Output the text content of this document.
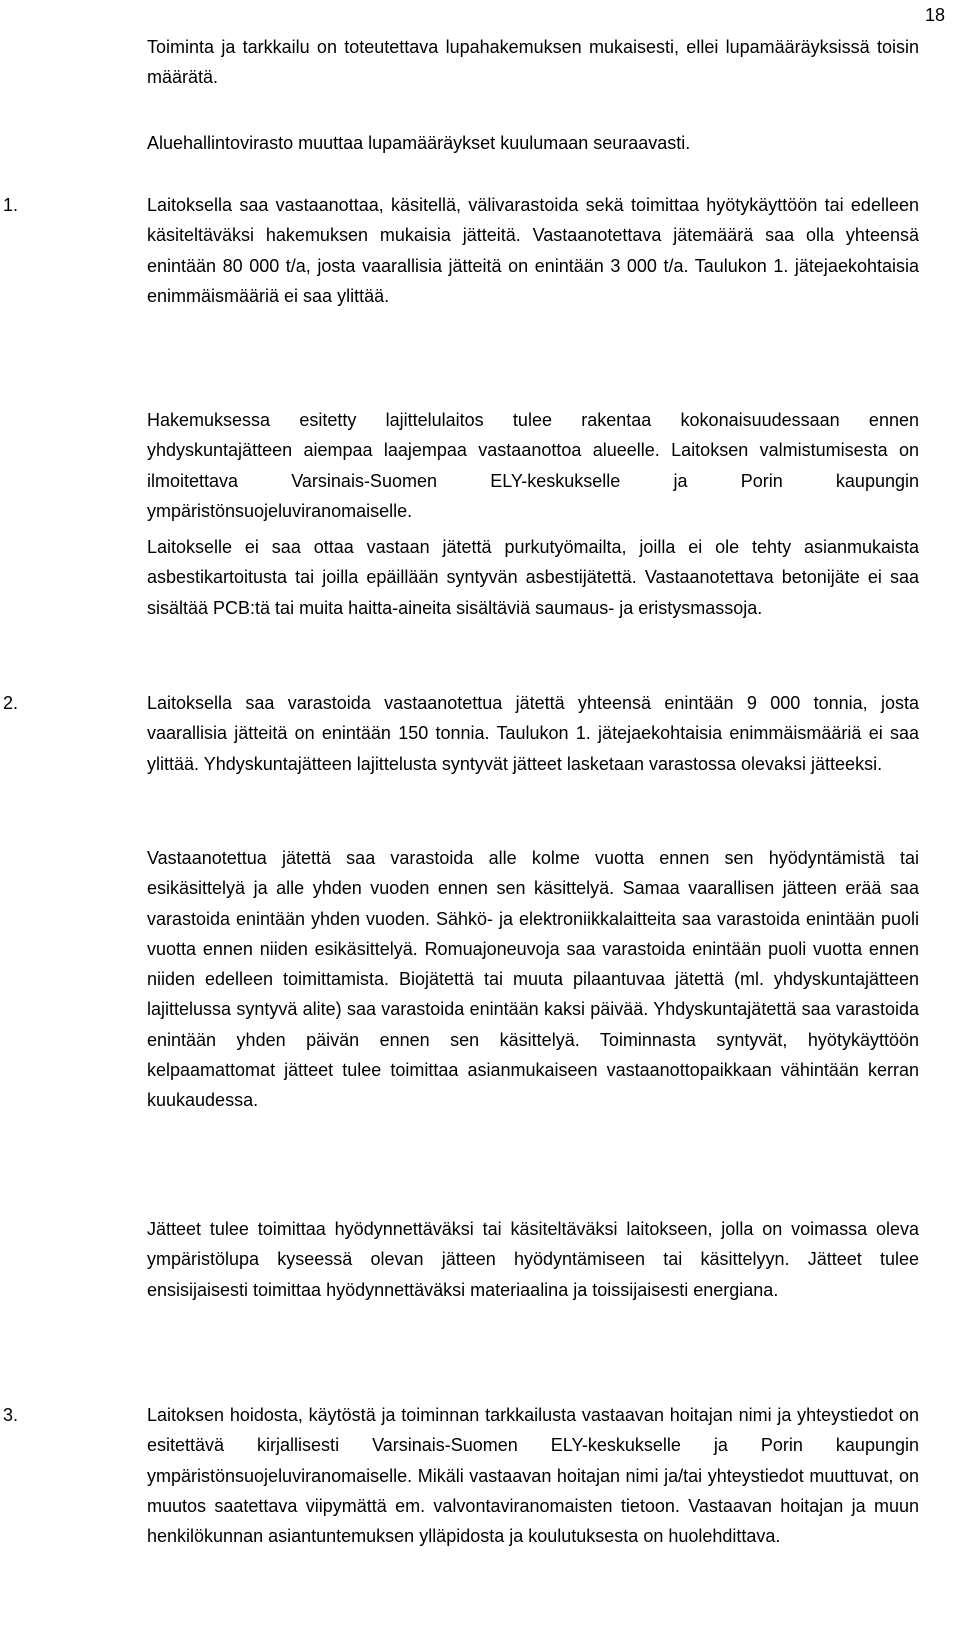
18
Toiminta ja tarkkailu on toteutettava lupahakemuksen mukaisesti, ellei lupamääräyksissä toisin määrätä.
Aluehallintovirasto muuttaa lupamääräykset kuulumaan seuraavasti.
1.	Laitoksella saa vastaanottaa, käsitellä, välivarastoida sekä toimittaa hyötykäyttöön tai edelleen käsiteltäväksi hakemuksen mukaisia jätteitä. Vastaanotettava jätemäärä saa olla yhteensä enintään 80 000 t/a, josta vaarallisia jätteitä on enintään 3 000 t/a. Taulukon 1. jätejaekohtaisia enimmäismääriä ei saa ylittää.
Hakemuksessa esitetty lajittelulaitos tulee rakentaa kokonaisuudessaan ennen yhdyskuntajätteen aiempaa laajempaa vastaanottoa alueelle. Laitoksen valmistumisesta on ilmoitettava Varsinais-Suomen ELY-keskukselle ja Porin kaupungin ympäristönsuojeluviranomaiselle.
Laitokselle ei saa ottaa vastaan jätettä purkutyömailta, joilla ei ole tehty asianmukaista asbestikartoitusta tai joilla epäillään syntyvän asbestijätettä. Vastaanotettava betonijäte ei saa sisältää PCB:tä tai muita haitta-aineita sisältäviä saumaus- ja eristysmassoja.
2.	Laitoksella saa varastoida vastaanotettua jätettä yhteensä enintään 9 000 tonnia, josta vaarallisia jätteitä on enintään 150 tonnia. Taulukon 1. jätejaekohtaisia enimmäismääriä ei saa ylittää. Yhdyskuntajätteen lajittelusta syntyvät jätteet lasketaan varastossa olevaksi jätteeksi.
Vastaanotettua jätettä saa varastoida alle kolme vuotta ennen sen hyödyntämistä tai esikäsittelyä ja alle yhden vuoden ennen sen käsittelyä. Samaa vaarallisen jätteen erää saa varastoida enintään yhden vuoden. Sähkö- ja elektroniikkalaitteita saa varastoida enintään puoli vuotta ennen niiden esikäsittelyä. Romuajoneuvoja saa varastoida enintään puoli vuotta ennen niiden edelleen toimittamista. Biojätettä tai muuta pilaantuvaa jätettä (ml. yhdyskuntajätteen lajittelussa syntyvä alite) saa varastoida enintään kaksi päivää. Yhdyskuntajätettä saa varastoida enintään yhden päivän ennen sen käsittelyä. Toiminnasta syntyvät, hyötykäyttöön kelpaamattomat jätteet tulee toimittaa asianmukaiseen vastaanottopaikkaan vähintään kerran kuukaudessa.
Jätteet tulee toimittaa hyödynnettäväksi tai käsiteltäväksi laitokseen, jolla on voimassa oleva ympäristölupa kyseessä olevan jätteen hyödyntämiseen tai käsittelyyn. Jätteet tulee ensisijaisesti toimittaa hyödynnettäväksi materiaalina ja toissijaisesti energiana.
3.	Laitoksen hoidosta, käytöstä ja toiminnan tarkkailusta vastaavan hoitajan nimi ja yhteystiedot on esitettävä kirjallisesti Varsinais-Suomen ELY-keskukselle ja Porin kaupungin ympäristönsuojeluviranomaiselle. Mikäli vastaavan hoitajan nimi ja/tai yhteystiedot muuttuvat, on muutos saatettava viipymättä em. valvontaviranomaisten tietoon. Vastaavan hoitajan ja muun henkilökunnan asiantuntemuksen ylläpidosta ja koulutuksesta on huolehdittava.
